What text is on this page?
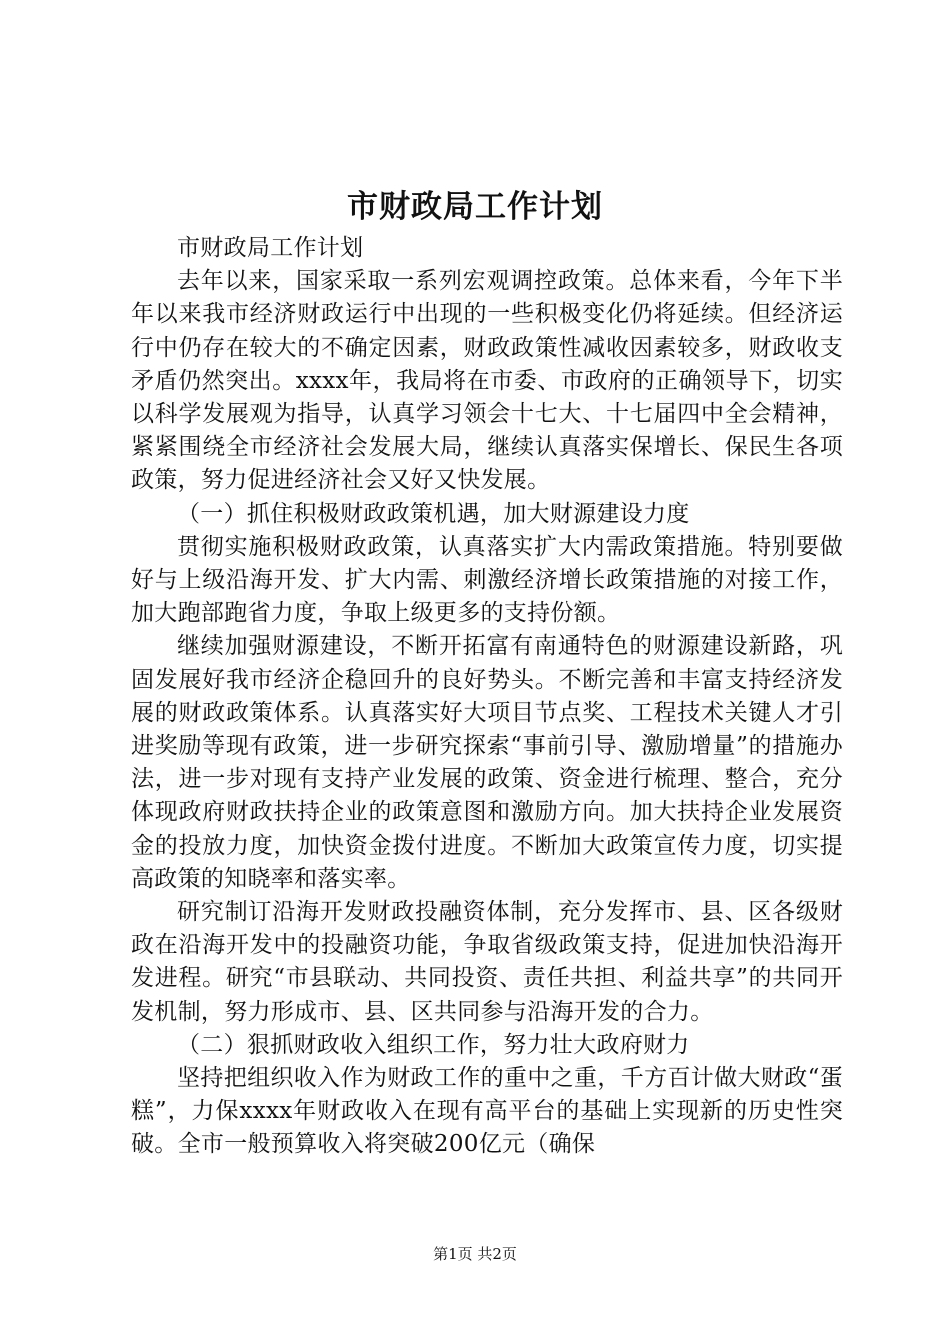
市财政局工作计划

市财政局工作计划

去年以来，国家采取一系列宏观调控政策。总体来看，今年下半年以来我市经济财政运行中出现的一些积极变化仍将延续。但经济运行中仍存在较大的不确定因素，财政政策性减收因素较多，财政收支矛盾仍然突出。xxxx年，我局将在市委、市政府的正确领导下，切实以科学发展观为指导，认真学习领会十七大、十七届四中全会精神，紧紧围绕全市经济社会发展大局，继续认真落实保增长、保民生各项政策，努力促进经济社会又好又快发展。

（一）抓住积极财政政策机遇，加大财源建设力度

贯彻实施积极财政政策，认真落实扩大内需政策措施。特别要做好与上级沿海开发、扩大内需、刺激经济增长政策措施的对接工作，加大跑部跑省力度，争取上级更多的支持份额。

继续加强财源建设，不断开拓富有南通特色的财源建设新路，巩固发展好我市经济企稳回升的良好势头。不断完善和丰富支持经济发展的财政政策体系。认真落实好大项目节点奖、工程技术关键人才引进奖励等现有政策，进一步研究探索“事前引导、激励增量”的措施办法，进一步对现有支持产业发展的政策、资金进行梳理、整合，充分体现政府财政扶持企业的政策意图和激励方向。加大扶持企业发展资金的投放力度，加快资金拨付进度。不断加大政策宣传力度，切实提高政策的知晓率和落实率。

研究制订沿海开发财政投融资体制，充分发挥市、县、区各级财政在沿海开发中的投融资功能，争取省级政策支持，促进加快沿海开发进程。研究“市县联动、共同投资、责任共担、利益共享”的共同开发机制，努力形成市、县、区共同参与沿海开发的合力。

（二）狠抓财政收入组织工作，努力壮大政府财力

坚持把组织收入作为财政工作的重中之重，千方百计做大财政“蛋糕”，力保xxxx年财政收入在现有高平台的基础上实现新的历史性突破。全市一般预算收入将突破200亿元（确保

第1页 共2页
